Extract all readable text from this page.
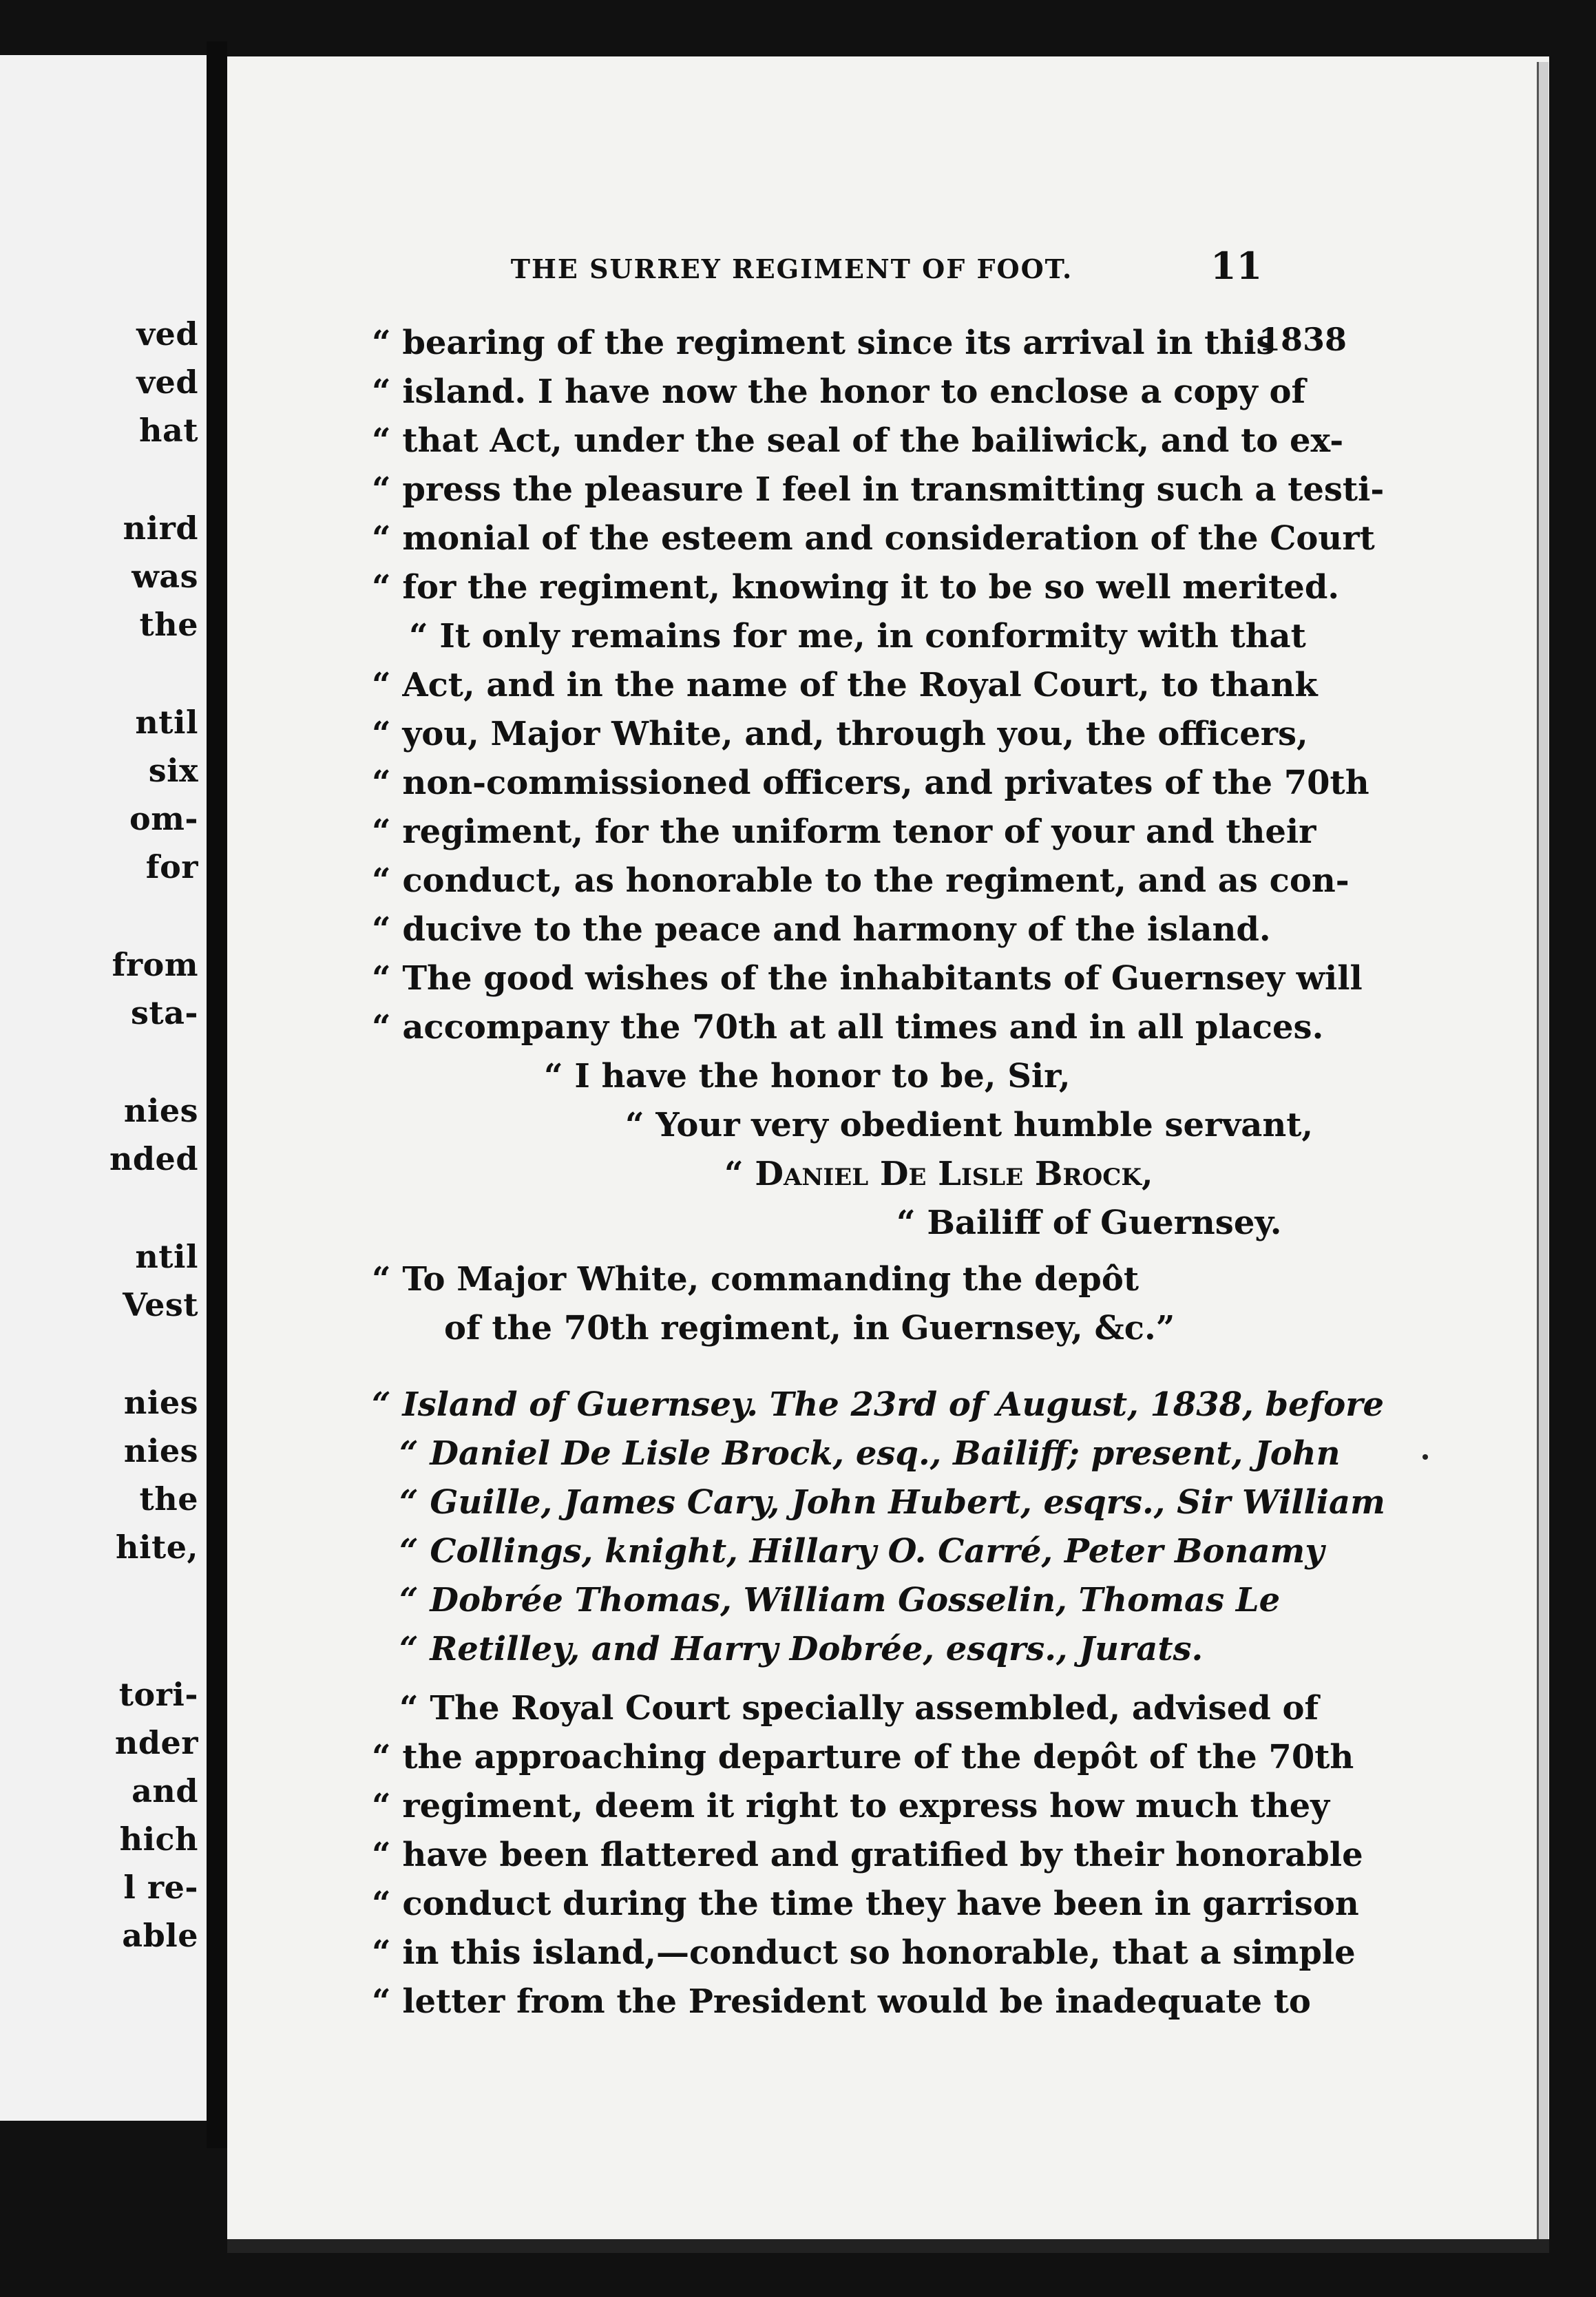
ved
ved
hat
nird
was
the
ntil
six
om-
for
from
sta-
nies
nded
ntil
Vest
nies
nies
the
hite,
tori-
nder
and
hich
l re-
able
THE SURREY REGIMENT OF FOOT.	11
1838
“ bearing of the regiment since its arrival in this
“ island. I have now the honor to enclose a copy of
“ that Act, under the seal of the bailiwick, and to ex-
“ press the pleasure I feel in transmitting such a testi-
“ monial of the esteem and consideration of the Court
“ for the regiment, knowing it to be so well merited.
“ It only remains for me, in conformity with that
“ Act, and in the name of the Royal Court, to thank
“ you, Major White, and, through you, the officers,
“ non-commissioned officers, and privates of the 70th
“ regiment, for the uniform tenor of your and their
“ conduct, as honorable to the regiment, and as con-
“ ducive to the peace and harmony of the island.
“ The good wishes of the inhabitants of Guernsey will
“ accompany the 70th at all times and in all places.
“ I have the honor to be, Sir,
“ Your very obedient humble servant,
“ Daniel De Lisle Brock,
“ Bailiff of Guernsey.
“ To Major White, commanding the depôt
of the 70th regiment, in Guernsey, &c.”
“ Island of Guernsey. The 23rd of August, 1838, before
“ Daniel De Lisle Brock, esq., Bailiff; present, John
“ Guille, James Cary, John Hubert, esqrs., Sir William
“ Collings, knight, Hillary O. Carré, Peter Bonamy
“ Dobrée Thomas, William Gosselin, Thomas Le
“ Retilley, and Harry Dobrée, esqrs., Jurats.
“ The Royal Court specially assembled, advised of
“ the approaching departure of the depôt of the 70th
“ regiment, deem it right to express how much they
“ have been flattered and gratified by their honorable
“ conduct during the time they have been in garrison
“ in this island,—conduct so honorable, that a simple
“ letter from the President would be inadequate to
